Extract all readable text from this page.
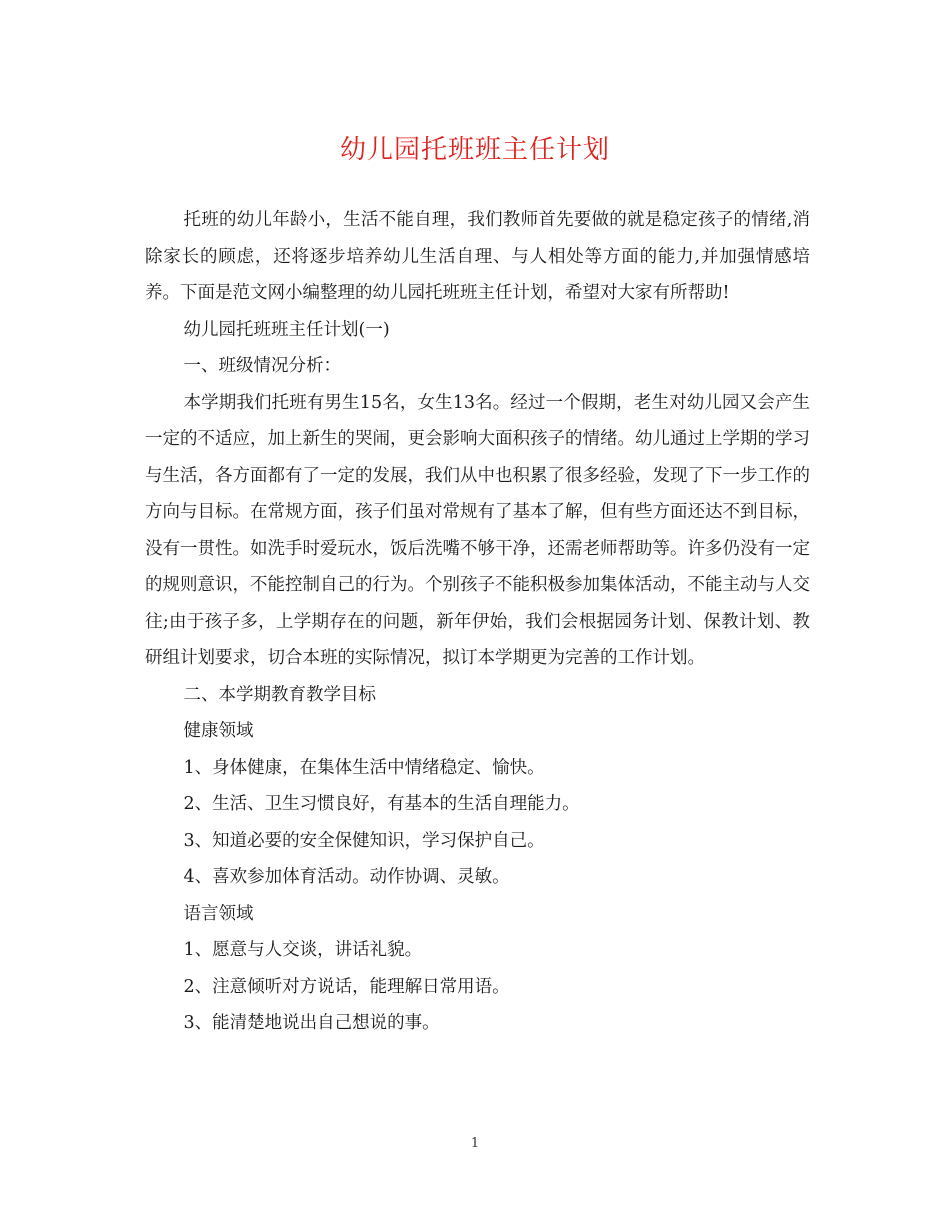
幼儿园托班班主任计划

托班的幼儿年龄小，生活不能自理，我们教师首先要做的就是稳定孩子的情绪,消 除家长的顾虑，还将逐步培养幼儿生活自理、与人相处等方面的能力,并加强情感培养。下面是范文网小编整理的幼儿园托班班主任计划，希望对大家有所帮助!

幼儿园托班班主任计划(一)

一、班级情况分析：

本学期我们托班有男生15名，女生13名。经过一个假期，老生对幼儿园又会产生一定的不适应，加上新生的哭闹，更会影响大面积孩子的情绪。幼儿通过上学期的学习与生活，各方面都有了一定的发展，我们从中也积累了很多经验，发现了下一步工作的方向与目标。在常规方面，孩子们虽对常规有了基本了解，但有些方面还达不到目标，没有一贯性。如洗手时爱玩水，饭后洗嘴不够干净，还需老师帮助等。许多仍没有一定的规则意识，不能控制自己的行为。个别孩子不能积极参加集体活动，不能主动与人交往;由于孩子多，上学期存在的问题，新年伊始，我们会根据园务计划、保教计划、教研组计划要求，切合本班的实际情况，拟订本学期更为完善的工作计划。

二、本学期教育教学目标

健康领域

1、身体健康，在集体生活中情绪稳定、愉快。

2、生活、卫生习惯良好，有基本的生活自理能力。

3、知道必要的安全保健知识，学习保护自己。

4、喜欢参加体育活动。动作协调、灵敏。

语言领域

1、愿意与人交谈，讲话礼貌。

2、注意倾听对方说话，能理解日常用语。

3、能清楚地说出自己想说的事。

1
